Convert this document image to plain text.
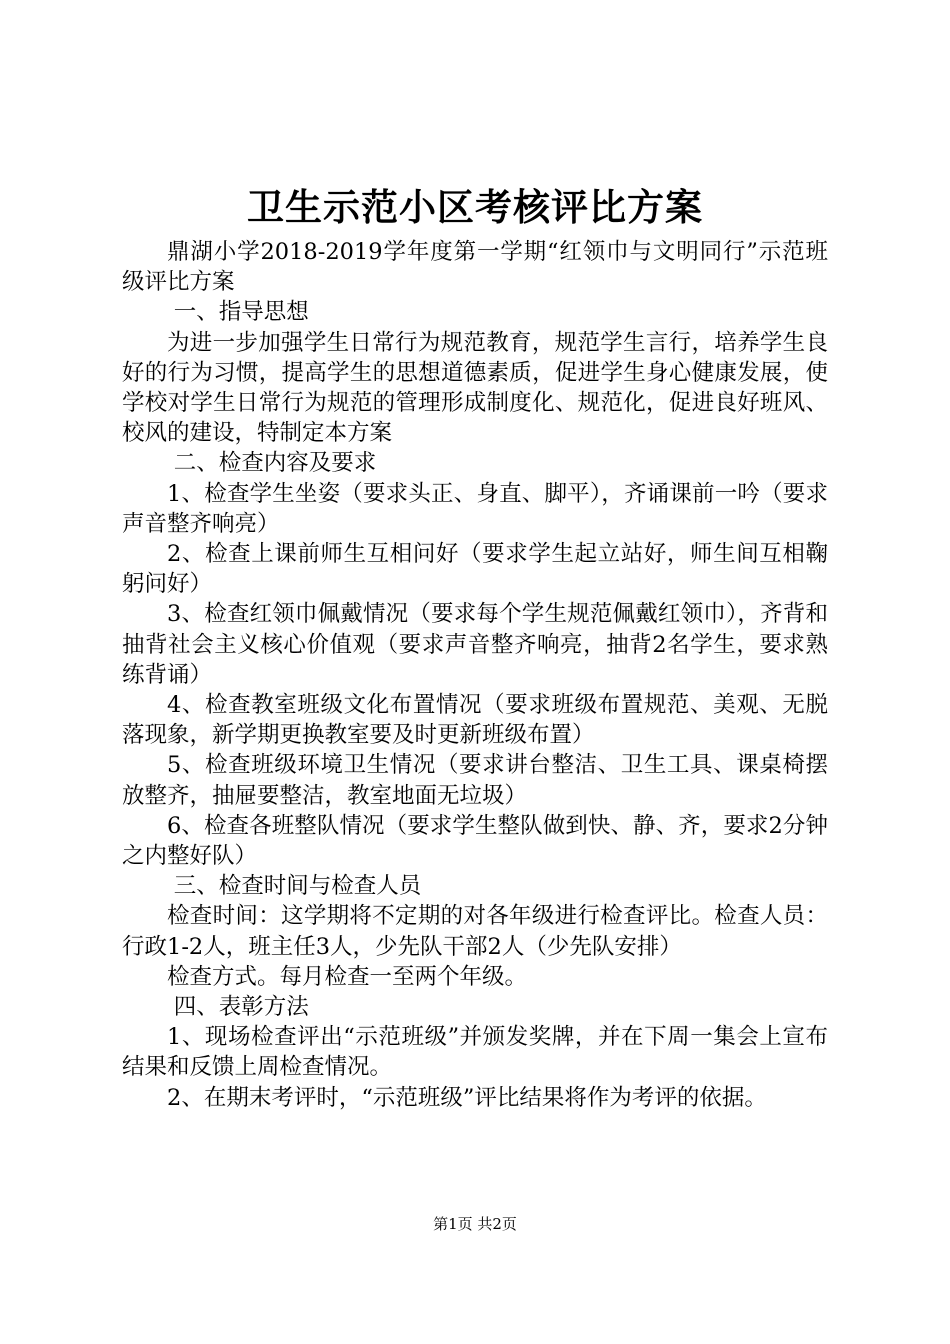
卫生示范小区考核评比方案

鼎湖小学2018-2019学年度第一学期“红领巾与文明同行”示范班级评比方案

一、指导思想

为进一步加强学生日常行为规范教育，规范学生言行，培养学生良好的行为习惯，提高学生的思想道德素质，促进学生身心健康发展，使学校对学生日常行为规范的管理形成制度化、规范化，促进良好班风、校风的建设，特制定本方案

二、检查内容及要求

1、检查学生坐姿（要求头正、身直、脚平），齐诵课前一吟（要求声音整齐响亮）

2、检查上课前师生互相问好（要求学生起立站好，师生间互相鞠躬问好）

3、检查红领巾佩戴情况（要求每个学生规范佩戴红领巾），齐背和抽背社会主义核心价值观（要求声音整齐响亮，抽背2名学生，要求熟练背诵）

4、检查教室班级文化布置情况（要求班级布置规范、美观、无脱落现象，新学期更换教室要及时更新班级布置）

5、检查班级环境卫生情况（要求讲台整洁、卫生工具、课桌椅摆放整齐，抽屉要整洁，教室地面无垃圾）

6、检查各班整队情况（要求学生整队做到快、静、齐，要求2分钟之内整好队）

三、检查时间与检查人员

检查时间：这学期将不定期的对各年级进行检查评比。检查人员：行政1-2人，班主任3人，少先队干部2人（少先队安排）

检查方式。每月检查一至两个年级。

四、表彰方法

1、现场检查评出“示范班级”并颁发奖牌，并在下周一集会上宣布结果和反馈上周检查情况。

2、在期末考评时，“示范班级”评比结果将作为考评的依据。

第1页 共2页
